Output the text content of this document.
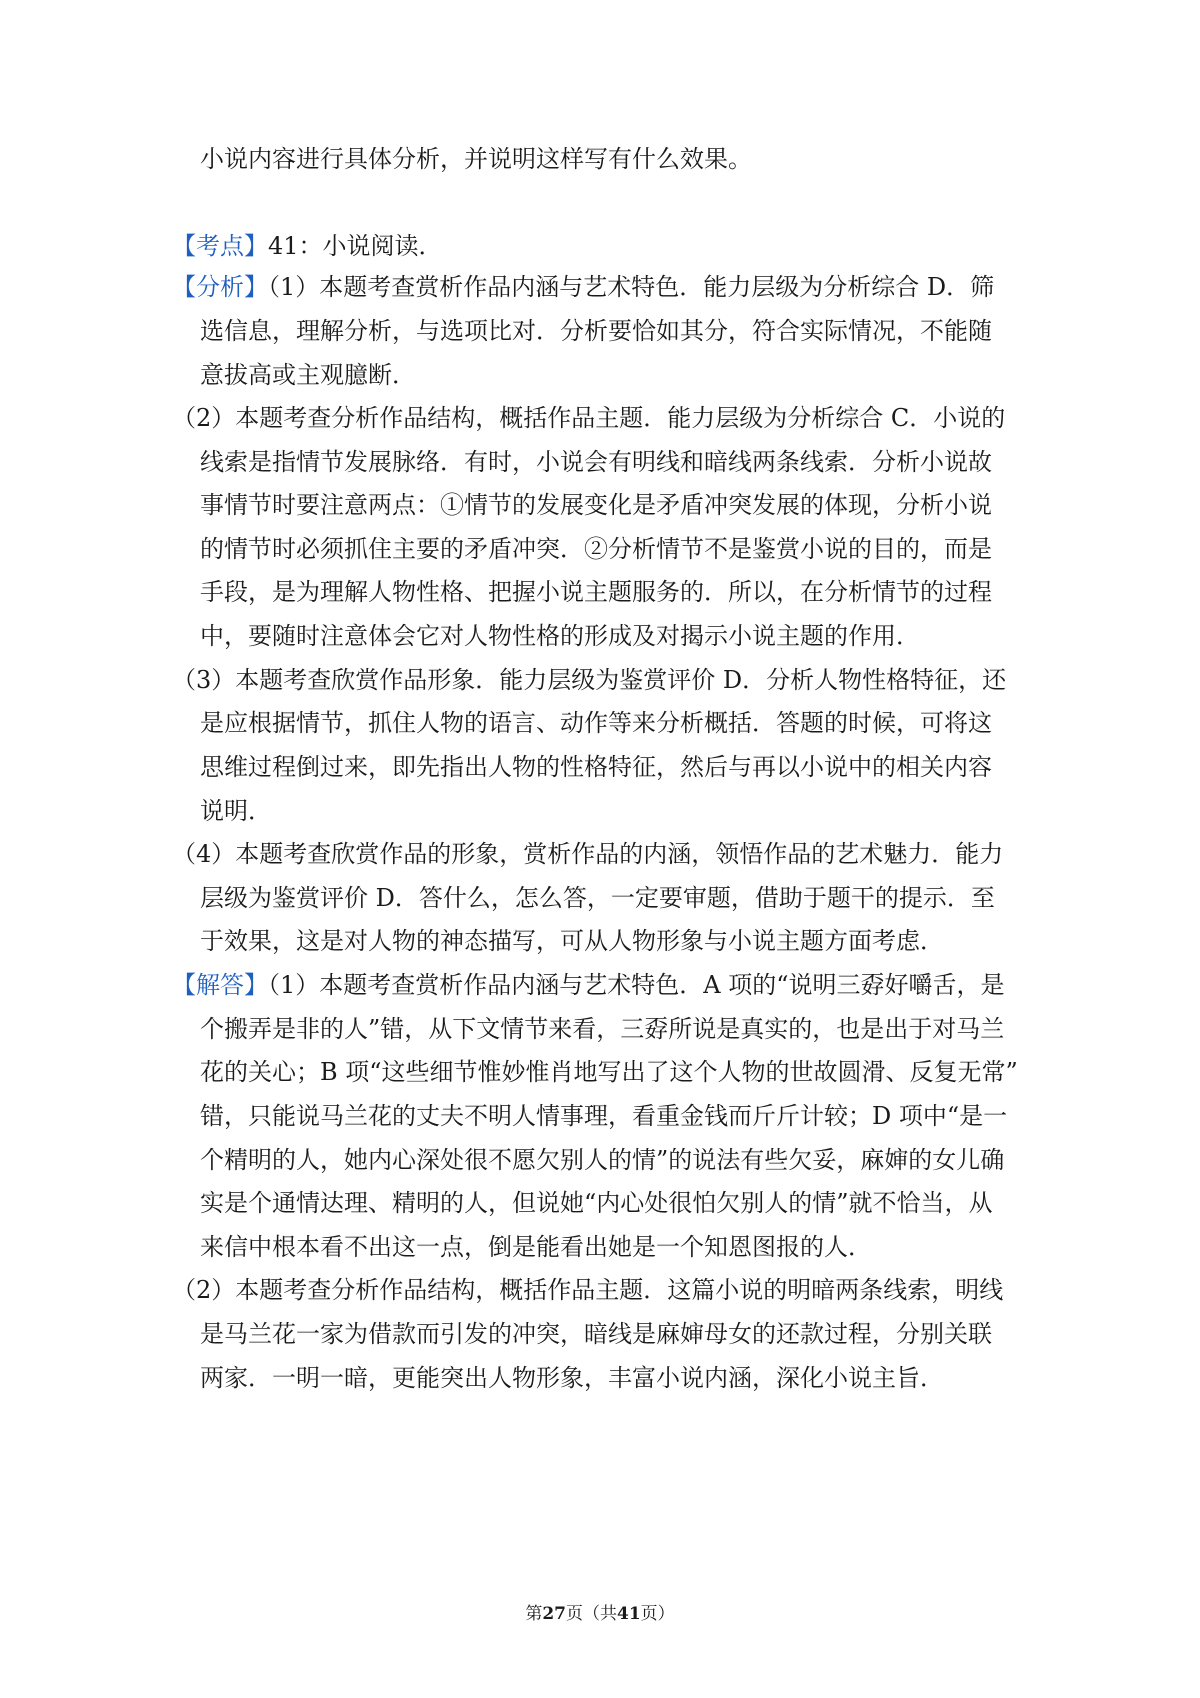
小说内容进行具体分析，并说明这样写有什么效果。
【考点】41：小说阅读．
【分析】（1）本题考查赏析作品内涵与艺术特色．能力层级为分析综合 D．筛
选信息，理解分析，与选项比对．分析要恰如其分，符合实际情况，不能随
意拔高或主观臆断．
（2）本题考查分析作品结构，概括作品主题．能力层级为分析综合 C．小说的
线索是指情节发展脉络．有时，小说会有明线和暗线两条线索．分析小说故
事情节时要注意两点：①情节的发展变化是矛盾冲突发展的体现，分析小说
的情节时必须抓住主要的矛盾冲突．②分析情节不是鉴赏小说的目的，而是
手段，是为理解人物性格、把握小说主题服务的．所以，在分析情节的过程
中，要随时注意体会它对人物性格的形成及对揭示小说主题的作用．
（3）本题考查欣赏作品形象．能力层级为鉴赏评价 D．分析人物性格特征，还
是应根据情节，抓住人物的语言、动作等来分析概括．答题的时候，可将这
思维过程倒过来，即先指出人物的性格特征，然后与再以小说中的相关内容
说明．
（4）本题考查欣赏作品的形象，赏析作品的内涵，领悟作品的艺术魅力．能力
层级为鉴赏评价 D．答什么，怎么答，一定要审题，借助于题干的提示．至
于效果，这是对人物的神态描写，可从人物形象与小说主题方面考虑．
【解答】（1）本题考查赏析作品内涵与艺术特色．A 项的“说明三孬好嚼舌，是
个搬弄是非的人”错，从下文情节来看，三孬所说是真实的，也是出于对马兰
花的关心；B 项“这些细节惟妙惟肖地写出了这个人物的世故圆滑、反复无常”
错，只能说马兰花的丈夫不明人情事理，看重金钱而斤斤计较；D 项中“是一
个精明的人，她内心深处很不愿欠别人的情”的说法有些欠妥，麻婶的女儿确
实是个通情达理、精明的人，但说她“内心处很怕欠别人的情”就不恰当，从
来信中根本看不出这一点，倒是能看出她是一个知恩图报的人．
（2）本题考查分析作品结构，概括作品主题．这篇小说的明暗两条线索，明线
是马兰花一家为借款而引发的冲突，暗线是麻婶母女的还款过程，分别关联
两家．一明一暗，更能突出人物形象，丰富小说内涵，深化小说主旨．
第27页（共41页）
